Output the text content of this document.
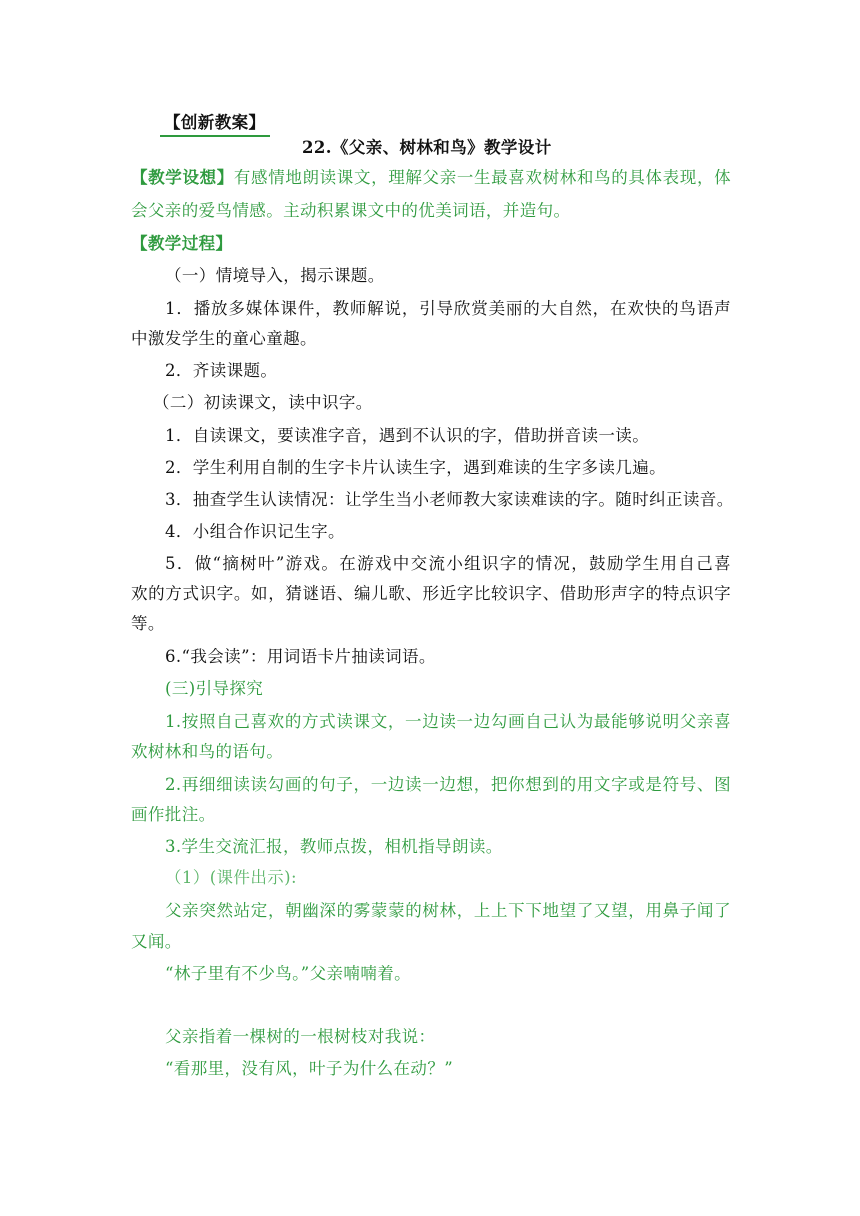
【创新教案】
22.《父亲、树林和鸟》教学设计
【教学设想】有感情地朗读课文，理解父亲一生最喜欢树林和鸟的具体表现，体
会父亲的爱鸟情感。主动积累课文中的优美词语，并造句。
【教学过程】
（一）情境导入，揭示课题。
1．播放多媒体课件，教师解说，引导欣赏美丽的大自然，在欢快的鸟语声
中激发学生的童心童趣。
2．齐读课题。
（二）初读课文，读中识字。
1．自读课文，要读准字音，遇到不认识的字，借助拼音读一读。
2．学生利用自制的生字卡片认读生字，遇到难读的生字多读几遍。
3．抽查学生认读情况：让学生当小老师教大家读难读的字。随时纠正读音。
4．小组合作识记生字。
5．做“摘树叶”游戏。在游戏中交流小组识字的情况，鼓励学生用自己喜
欢的方式识字。如，猜谜语、编儿歌、形近字比较识字、借助形声字的特点识字
等。
6.“我会读”：用词语卡片抽读词语。
(三)引导探究
1.按照自己喜欢的方式读课文，一边读一边勾画自己认为最能够说明父亲喜
欢树林和鸟的语句。
2.再细细读读勾画的句子，一边读一边想，把你想到的用文字或是符号、图
画作批注。
3.学生交流汇报，教师点拨，相机指导朗读。
（1）(课件出示):
父亲突然站定，朝幽深的雾蒙蒙的树林，上上下下地望了又望，用鼻子闻了
又闻。
“林子里有不少鸟。”父亲喃喃着。
父亲指着一棵树的一根树枝对我说：
“看那里，没有风，叶子为什么在动？”
